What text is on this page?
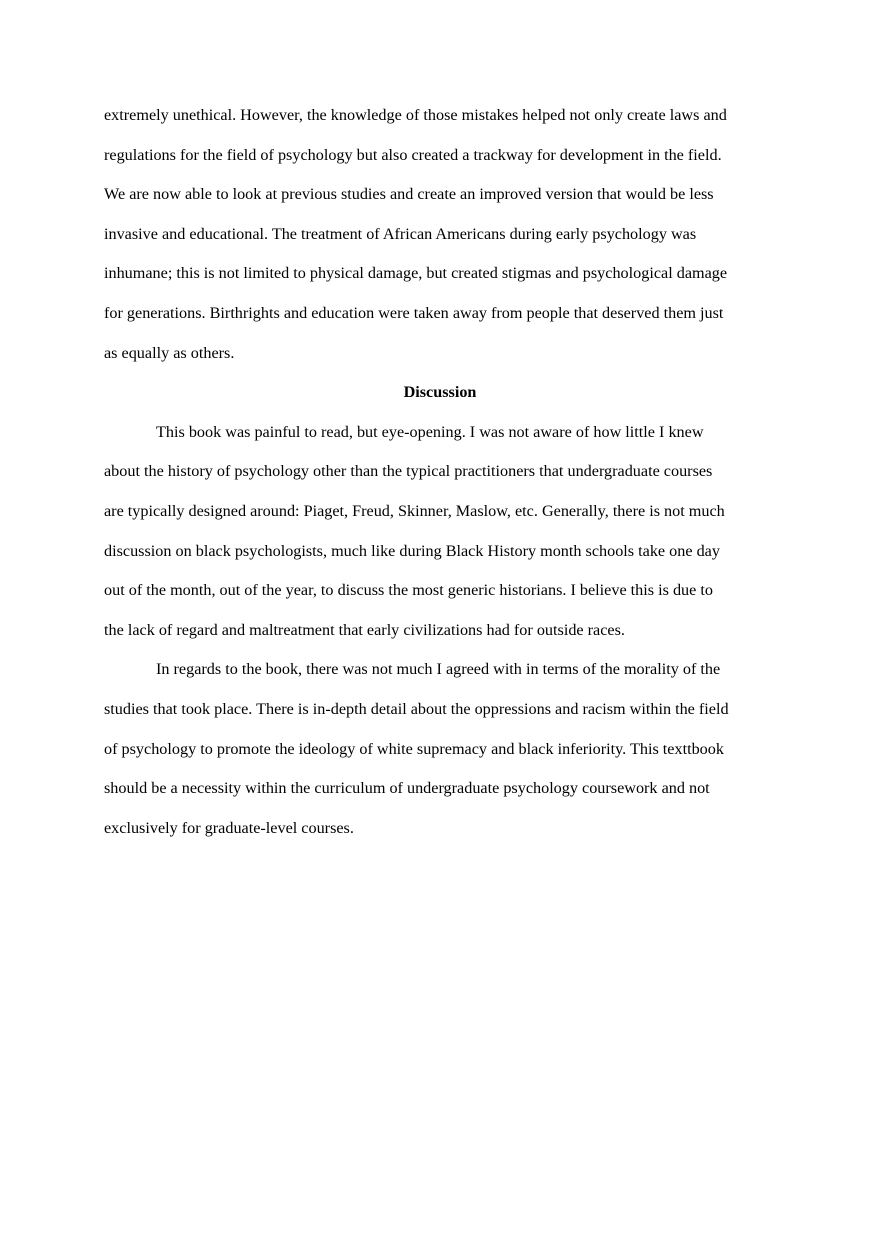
extremely unethical. However, the knowledge of those mistakes helped not only create laws and
regulations for the field of psychology but also created a trackway for development in the field.
We are now able to look at previous studies and create an improved version that would be less
invasive and educational. The treatment of African Americans during early psychology was
inhumane; this is not limited to physical damage, but created stigmas and psychological damage
for generations. Birthrights and education were taken away from people that deserved them just
as equally as others.
Discussion
This book was painful to read, but eye-opening. I was not aware of how little I knew
about the history of psychology other than the typical practitioners that undergraduate courses
are typically designed around: Piaget, Freud, Skinner, Maslow, etc. Generally, there is not much
discussion on black psychologists, much like during Black History month schools take one day
out of the month, out of the year, to discuss the most generic historians. I believe this is due to
the lack of regard and maltreatment that early civilizations had for outside races.
In regards to the book, there was not much I agreed with in terms of the morality of the
studies that took place. There is in-depth detail about the oppressions and racism within the field
of psychology to promote the ideology of white supremacy and black inferiority. This texttbook
should be a necessity within the curriculum of undergraduate psychology coursework and not
exclusively for graduate-level courses.
